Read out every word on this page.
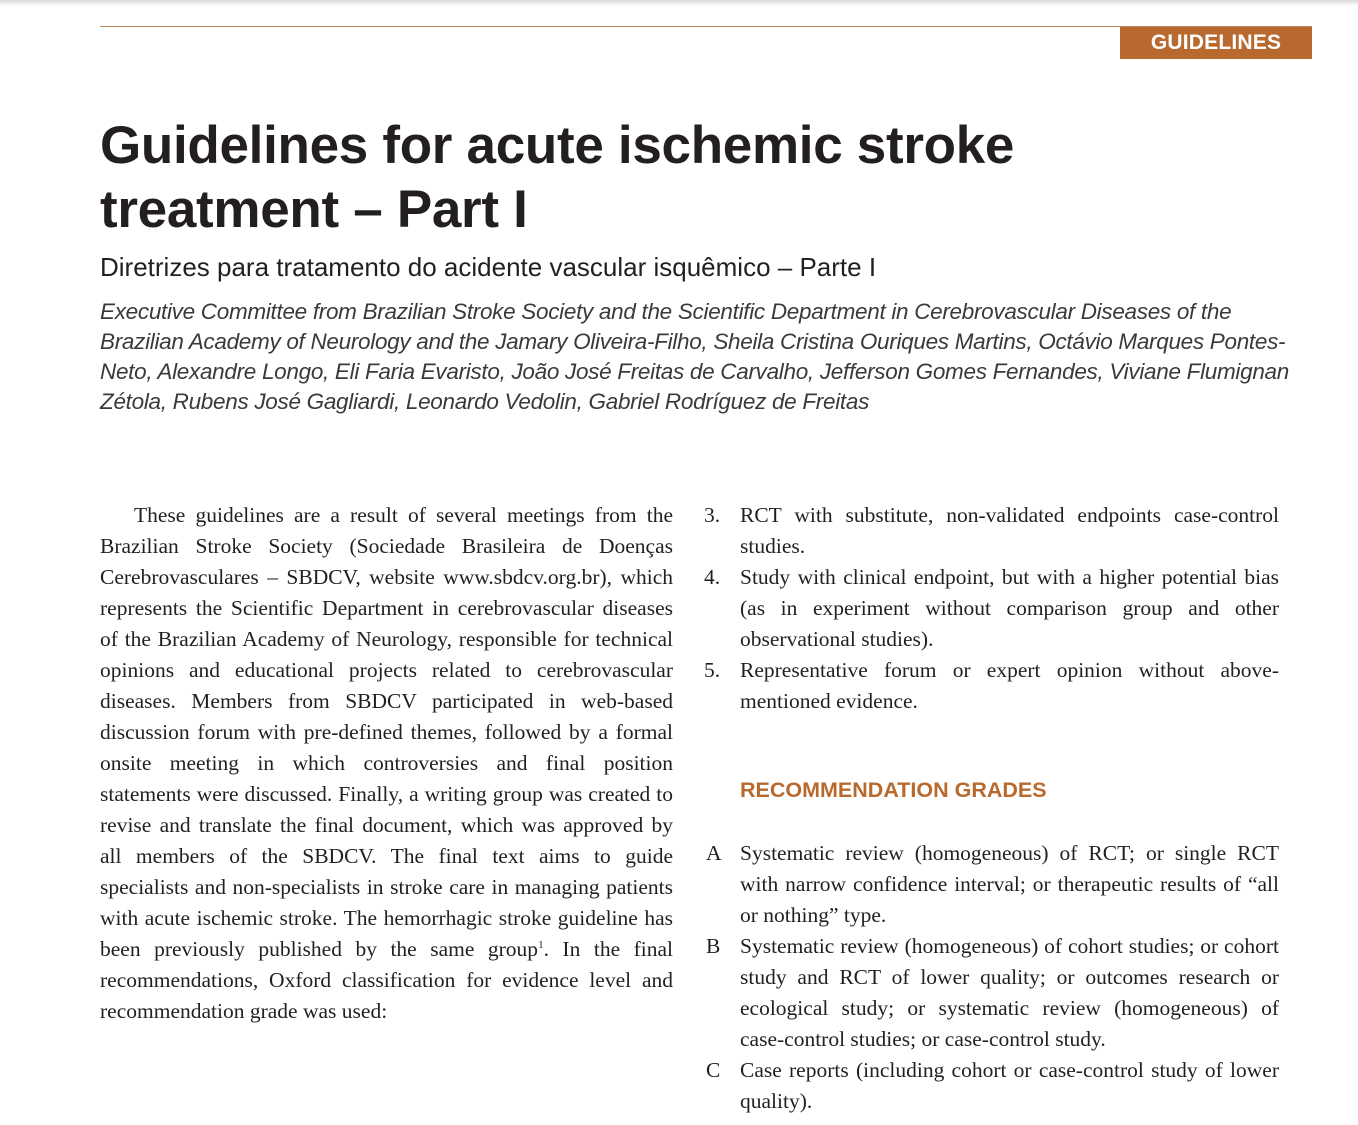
GUIDELINES
Guidelines for acute ischemic stroke treatment – Part I
Diretrizes para tratamento do acidente vascular isquêmico – Parte I
Executive Committee from Brazilian Stroke Society and the Scientific Department in Cerebrovascular Diseases of the Brazilian Academy of Neurology and the Jamary Oliveira-Filho, Sheila Cristina Ouriques Martins, Octávio Marques Pontes-Neto, Alexandre Longo, Eli Faria Evaristo, João José Freitas de Carvalho, Jefferson Gomes Fernandes, Viviane Flumignan Zétola, Rubens José Gagliardi, Leonardo Vedolin, Gabriel Rodríguez de Freitas

These guidelines are a result of several meetings from the Brazilian Stroke Society (Sociedade Brasileira de Doenças Cerebrovasculares – SBDCV, website www.sbdcv.org.br), which represents the Scientific Department in cerebrovascular diseases of the Brazilian Academy of Neurology, responsible for technical opinions and educational projects related to cerebrovascular diseases. Members from SBDCV participated in web-based discussion forum with pre-defined themes, followed by a formal onsite meeting in which controversies and final position statements were discussed. Finally, a writing group was created to revise and translate the final document, which was approved by all members of the SBDCV. The final text aims to guide specialists and non-specialists in stroke care in managing patients with acute ischemic stroke. The hemorrhagic stroke guideline has been previously published by the same group$^1$. In the final recommendations, Oxford classification for evidence level and recommendation grade was used:

3. RCT with substitute, non-validated endpoints case-control studies.
4. Study with clinical endpoint, but with a higher potential bias (as in experiment without comparison group and other observational studies).
5. Representative forum or expert opinion without above-mentioned evidence.
RECOMMENDATION GRADES
A Systematic review (homogeneous) of RCT; or single RCT with narrow confidence interval; or therapeutic results of “all or nothing” type.
B Systematic review (homogeneous) of cohort studies; or cohort study and RCT of lower quality; or outcomes research or ecological study; or systematic review (homogeneous) of case-control studies; or case-control study.
C Case reports (including cohort or case-control study of lower quality).
